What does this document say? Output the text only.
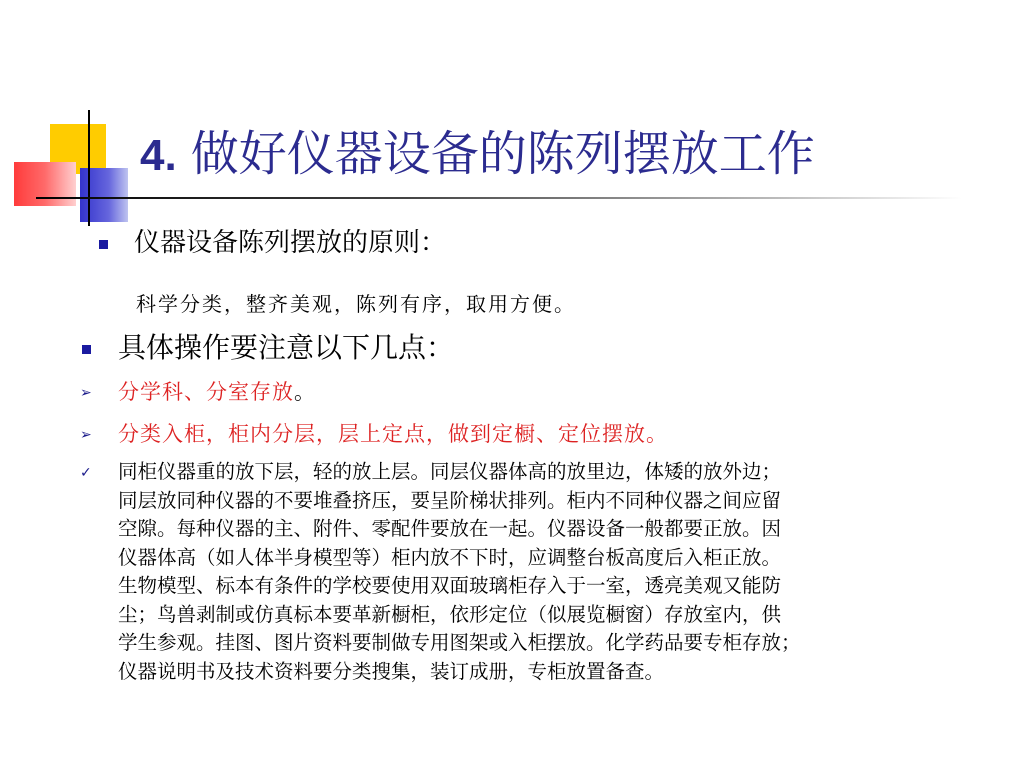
4. 做好仪器设备的陈列摆放工作
仪器设备陈列摆放的原则：
科学分类，整齐美观，陈列有序，取用方便。
具体操作要注意以下几点：
➢ 分学科、分室存放。
➢ 分类入柜，柜内分层，层上定点，做到定橱、定位摆放。
✓ 同柜仪器重的放下层，轻的放上层。同层仪器体高的放里边，体矮的放外边；
同层放同种仪器的不要堆叠挤压，要呈阶梯状排列。柜内不同种仪器之间应留
空隙。每种仪器的主、附件、零配件要放在一起。仪器设备一般都要正放。因
仪器体高（如人体半身模型等）柜内放不下时，应调整台板高度后入柜正放。
生物模型、标本有条件的学校要使用双面玻璃柜存入于一室，透亮美观又能防
尘；鸟兽剥制或仿真标本要革新橱柜，依形定位（似展览橱窗）存放室内，供
学生参观。挂图、图片资料要制做专用图架或入柜摆放。化学药品要专柜存放；
仪器说明书及技术资料要分类搜集，装订成册，专柜放置备查。
